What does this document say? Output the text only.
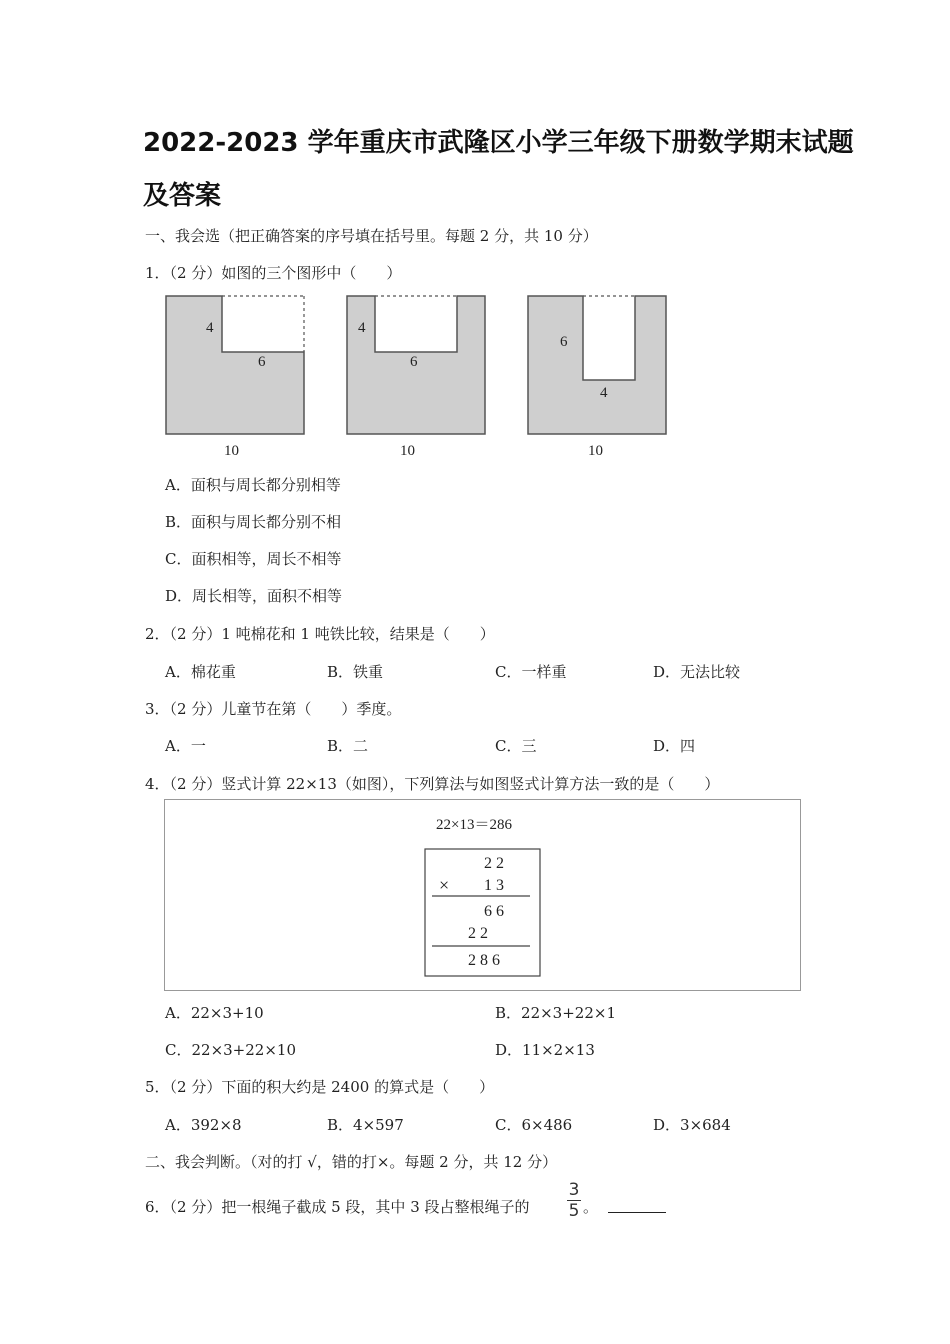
2022-2023 学年重庆市武隆区小学三年级下册数学期末试题
及答案
一、我会选（把正确答案的序号填在括号里。每题 2 分，共 10 分）
1．（2 分）如图的三个图形中（　　）
4
6
10
4
6
10
6
4
10
A．面积与周长都分别相等
B．面积与周长都分别不相
C．面积相等，周长不相等
D．周长相等，面积不相等
2．（2 分）1 吨棉花和 1 吨铁比较，结果是（　　）
A．棉花重	B．铁重	C．一样重	D．无法比较
3．（2 分）儿童节在第（　　）季度。
A．一	B．二	C．三	D．四
4．（2 分）竖式计算 22×13（如图），下列算法与如图竖式计算方法一致的是（　　）
22×13＝286
2 2
× 1 3
6 6
2 2
2 8 6
A．22×3+10	B．22×3+22×1
C．22×3+22×10	D．11×2×13
5．（2 分）下面的积大约是 2400 的算式是（　　）
A．392×8	B．4×597	C．6×486	D．3×684
二、我会判断。（对的打 √，错的打×。每题 2 分，共 12 分）
6．（2 分）把一根绳子截成 5 段，其中 3 段占整根绳子的
3
5 。
